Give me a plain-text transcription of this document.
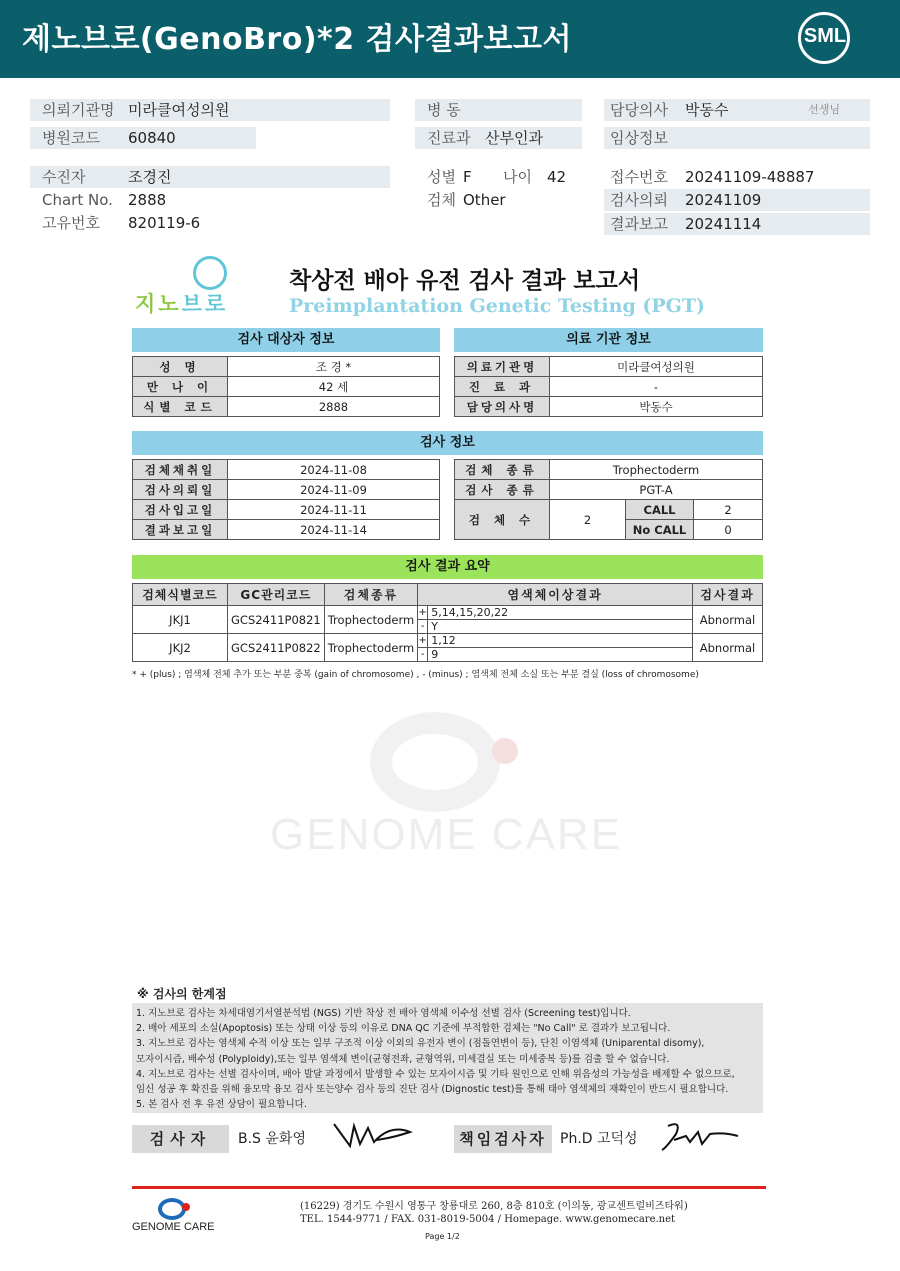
제노브로(GenoBro)*2 검사결과보고서	SML
의뢰기관명 미라클여성의원
병원코드 60840
병 동
진료과 산부인과
담당의사 박동수	선생님
임상정보
수진자	조경진
Chart No. 2888
고유번호 820119-6
성별 F 나이 42
검체 Other
접수번호 20241109-48887
검사의뢰 20241109
결과보고 20241114
지노브로
착상전 배아 유전 검사 결과 보고서
Preimplantation Genetic Testing (PGT)
검사 대상자 정보
성 명	조 경 *
만 나 이	42 세
식별 코드	2888
의료 기관 정보
의료기관명	미라클여성의원
진 료 과	-
담당의사명	박동수
검사 정보
검체채취일	2024-11-08
검사의뢰일	2024-11-09
검사입고일	2024-11-11
결과보고일	2024-11-14
검체 종류	Trophectoderm		
검사 종류	PGT-A		
검 체 수	2	CALL	2
		No CALL	0
검사 결과 요약
검체식별코드	GC관리코드	검체종류	염색체이상결과		검사결과
JKJ1	GCS2411P0821	Trophectoderm	+	5,14,15,20,22	Abnormal
			-	Y	
JKJ2	GCS2411P0822	Trophectoderm	+	1,12	Abnormal
			-	9	
* + (plus) ; 염색체 전체 추가 또는 부분 중복 (gain of chromosome) , - (minus) ; 염색체 전체 소실 또는 부분 결실 (loss of chromosome)
GENOME CARE
※ 검사의 한계점
1. 지노브로 검사는 차세대염기서열분석법 (NGS) 기반 착상 전 배아 염색체 이수성 선별 검사 (Screening test)입니다.
2. 배아 세포의 소실(Apoptosis) 또는 상태 이상 등의 이유로 DNA QC 기준에 부적합한 검체는 "No Call" 로 결과가 보고됩니다.
3. 지노브로 검사는 염색체 수적 이상 또는 일부 구조적 이상 이외의 유전자 변이 (점돌연변이 등), 단친 이염색체 (Uniparental disomy),
모자이시즘, 배수성 (Polyploidy),또는 일부 염색체 변이(균형전좌, 균형역위, 미세결실 또는 미세중복 등)를 검출 할 수 없습니다.
4. 지노브로 검사는 선별 검사이며, 배아 발달 과정에서 발생할 수 있는 모자이시즘 및 기타 원인으로 인해 위음성의 가능성을 배제할 수 없으므로,
임신 성공 후 확진을 위해 융모막 융모 검사 또는양수 검사 등의 진단 검사 (Dignostic test)를 통해 태아 염색체의 재확인이 반드시 필요합니다.
5. 본 검사 전 후 유전 상담이 필요합니다.
검사자	B.S 윤화영	책임검사자 Ph.D 고덕성
GENOME CARE
(16229) 경기도 수원시 영통구 창룡대로 260, 8층 810호 (이의동, 광교센트럴비즈타워)
TEL. 1544-9771 / FAX. 031-8019-5004 / Homepage. www.genomecare.net
Page 1/2
